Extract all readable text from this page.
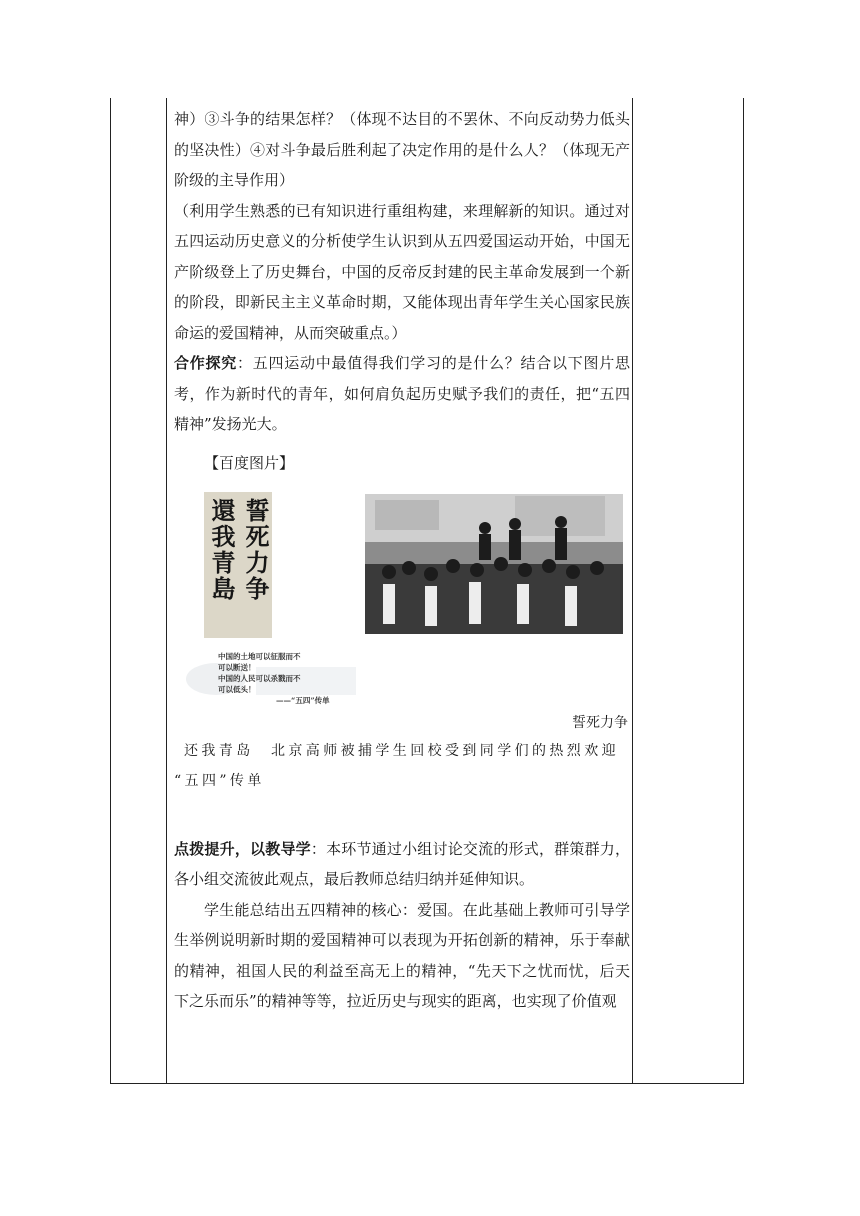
神）③斗争的结果怎样？（体现不达目的不罢休、不向反动势力低头的坚决性）④对斗争最后胜利起了决定作用的是什么人？（体现无产阶级的主导作用）

（利用学生熟悉的已有知识进行重组构建，来理解新的知识。通过对五四运动历史意义的分析使学生认识到从五四爱国运动开始，中国无产阶级登上了历史舞台，中国的反帝反封建的民主革命发展到一个新的阶段，即新民主主义革命时期，又能体现出青年学生关心国家民族命运的爱国精神，从而突破重点。）

合作探究：五四运动中最值得我们学习的是什么？结合以下图片思考，作为新时代的青年，如何肩负起历史赋予我们的责任，把“五四精神”发扬光大。

【百度图片】

誓死力争
還我青島
中国的土地可以征服而不
可以断送！
中国的人民可以杀戮而不
可以低头！
——“五四”传单
誓死力争

还我青岛　北京高师被捕学生回校受到同学们的热烈欢迎

“五四”传单

点拨提升，以教导学：本环节通过小组讨论交流的形式，群策群力，各小组交流彼此观点，最后教师总结归纳并延伸知识。

学生能总结出五四精神的核心：爱国。在此基础上教师可引导学生举例说明新时期的爱国精神可以表现为开拓创新的精神，乐于奉献的精神，祖国人民的利益至高无上的精神，“先天下之忧而忧，后天下之乐而乐”的精神等等，拉近历史与现实的距离，也实现了价值观
